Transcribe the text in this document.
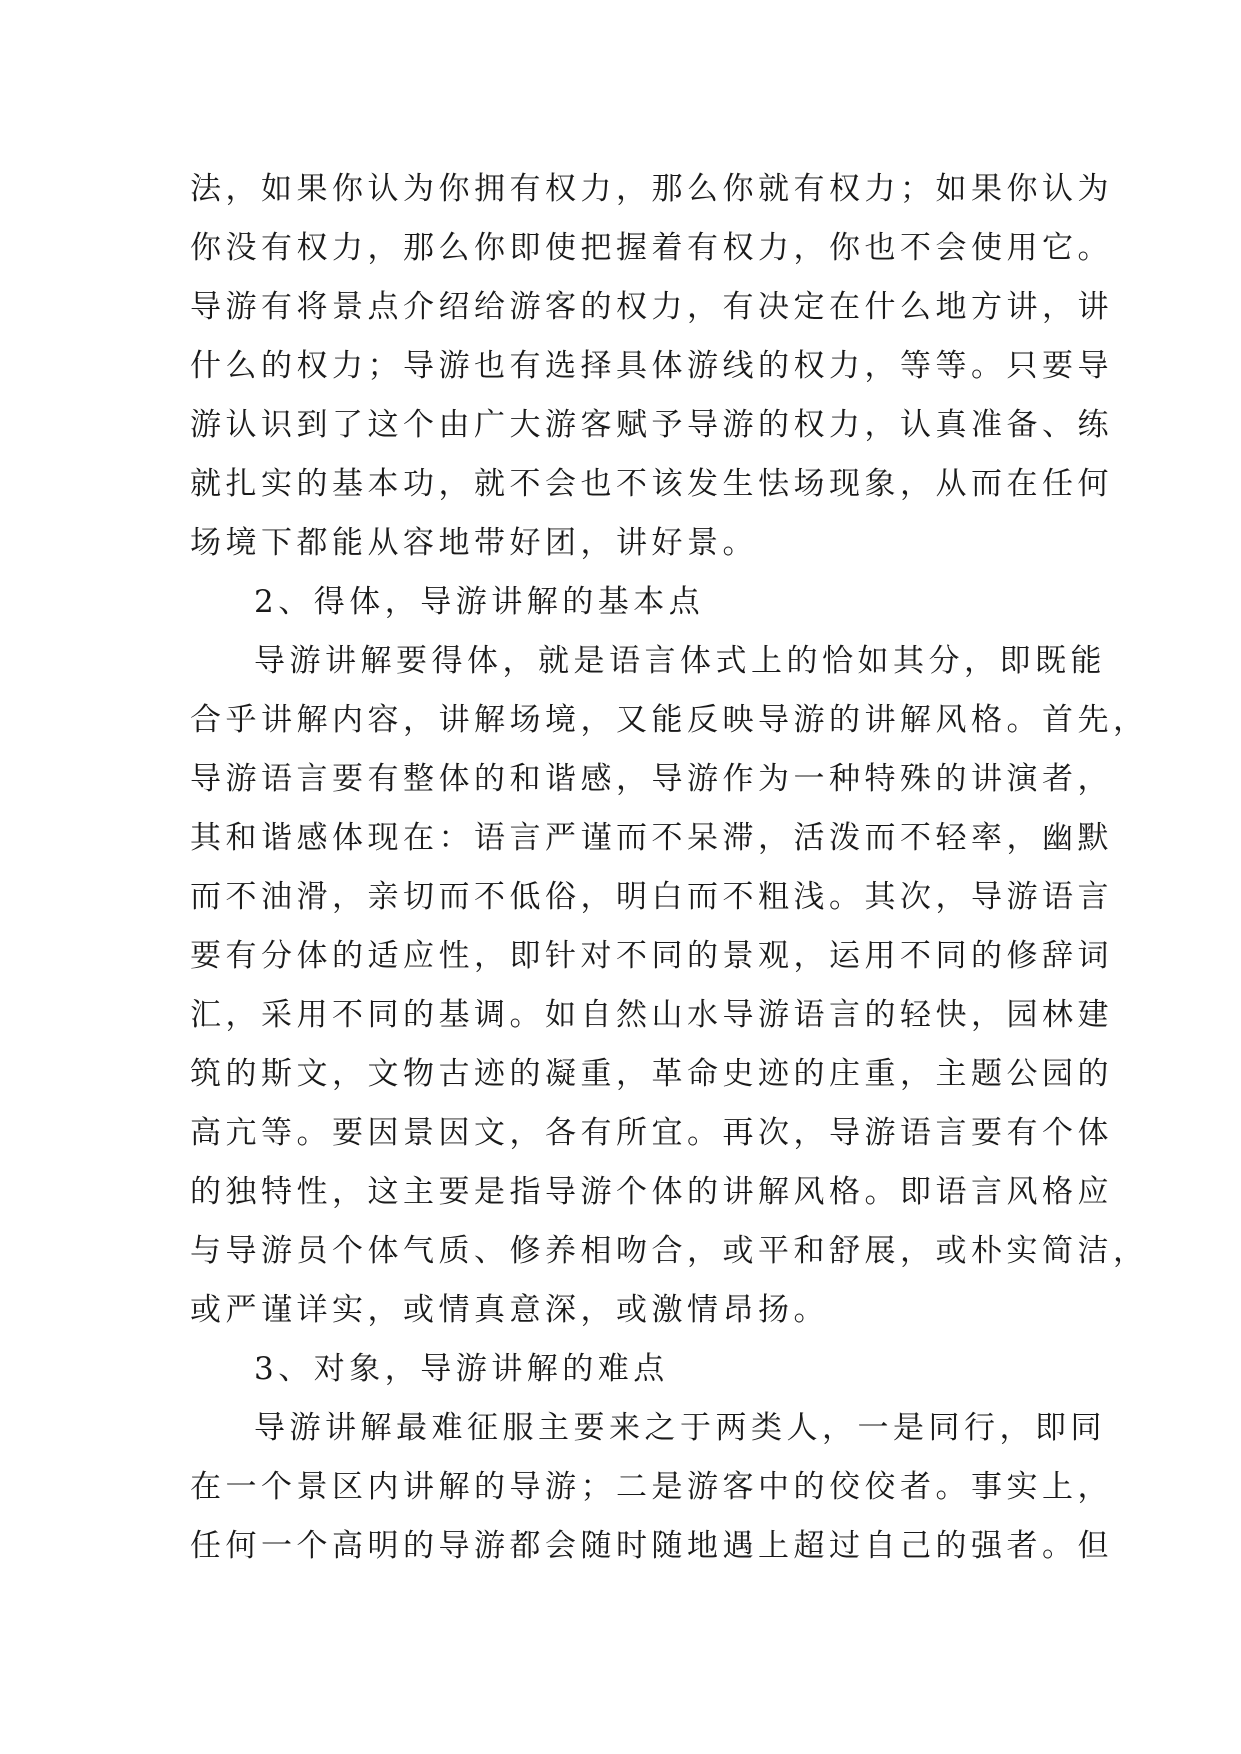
法，如果你认为你拥有权力，那么你就有权力；如果你认为
你没有权力，那么你即使把握着有权力，你也不会使用它。
导游有将景点介绍给游客的权力，有决定在什么地方讲，讲
什么的权力；导游也有选择具体游线的权力，等等。只要导
游认识到了这个由广大游客赋予导游的权力，认真准备、练
就扎实的基本功，就不会也不该发生怯场现象，从而在任何
场境下都能从容地带好团，讲好景。
2、得体，导游讲解的基本点
导游讲解要得体，就是语言体式上的恰如其分，即既能
合乎讲解内容，讲解场境，又能反映导游的讲解风格。首先，
导游语言要有整体的和谐感，导游作为一种特殊的讲演者，
其和谐感体现在：语言严谨而不呆滞，活泼而不轻率，幽默
而不油滑，亲切而不低俗，明白而不粗浅。其次，导游语言
要有分体的适应性，即针对不同的景观，运用不同的修辞词
汇，采用不同的基调。如自然山水导游语言的轻快，园林建
筑的斯文，文物古迹的凝重，革命史迹的庄重，主题公园的
高亢等。要因景因文，各有所宜。再次，导游语言要有个体
的独特性，这主要是指导游个体的讲解风格。即语言风格应
与导游员个体气质、修养相吻合，或平和舒展，或朴实简洁，
或严谨详实，或情真意深，或激情昂扬。
3、对象，导游讲解的难点
导游讲解最难征服主要来之于两类人，一是同行，即同
在一个景区内讲解的导游；二是游客中的佼佼者。事实上，
任何一个高明的导游都会随时随地遇上超过自己的强者。但
